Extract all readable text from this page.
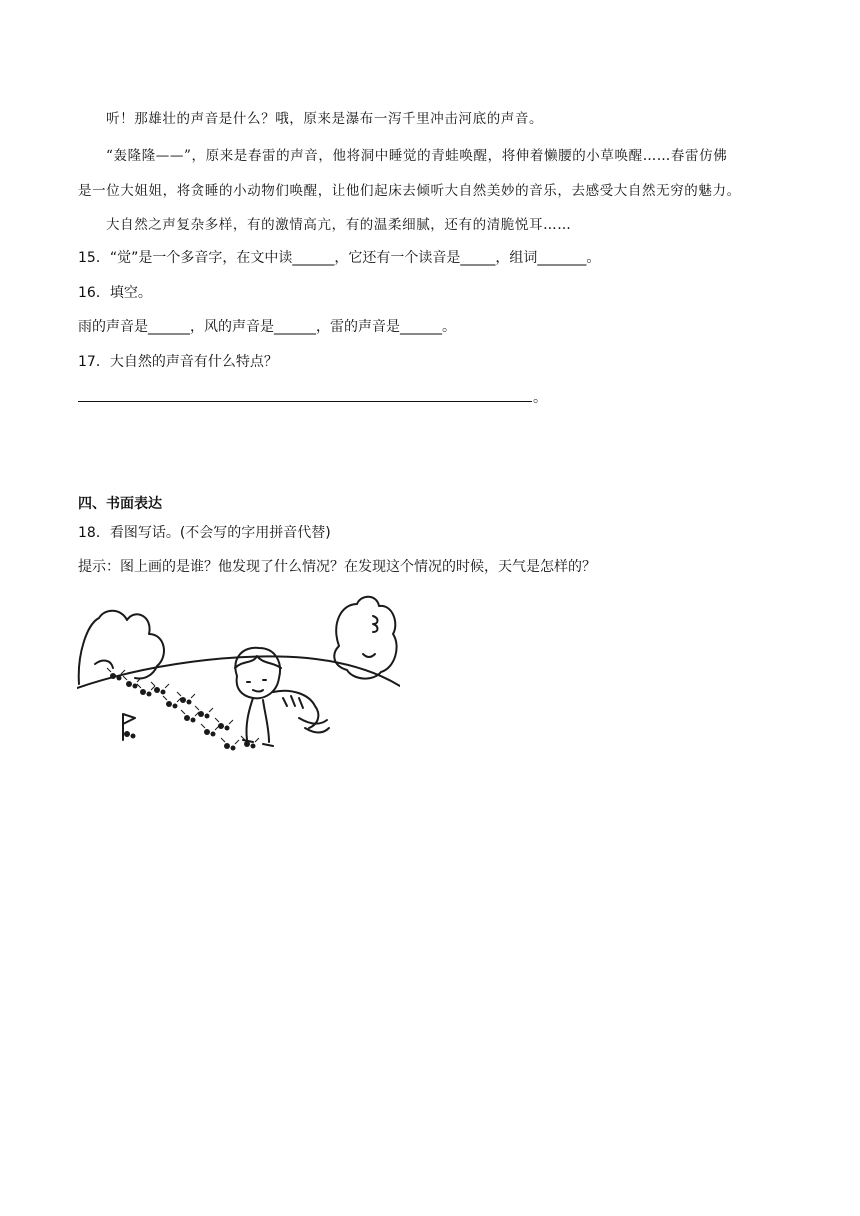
听！那雄壮的声音是什么？哦，原来是瀑布一泻千里冲击河底的声音。
“轰隆隆——”，原来是春雷的声音，他将洞中睡觉的青蛙唤醒，将伸着懒腰的小草唤醒……春雷仿佛
是一位大姐姐，将贪睡的小动物们唤醒，让他们起床去倾听大自然美妙的音乐，去感受大自然无穷的魅力。
大自然之声复杂多样，有的激情高亢，有的温柔细腻，还有的清脆悦耳……
15．“觉”是一个多音字，在文中读______，它还有一个读音是_____，组词_______。
16．填空。
雨的声音是______，风的声音是______，雷的声音是______。
17．大自然的声音有什么特点？
。
四、书面表达
18．看图写话。(不会写的字用拼音代替)
提示：图上画的是谁？他发现了什么情况？在发现这个情况的时候，天气是怎样的？
